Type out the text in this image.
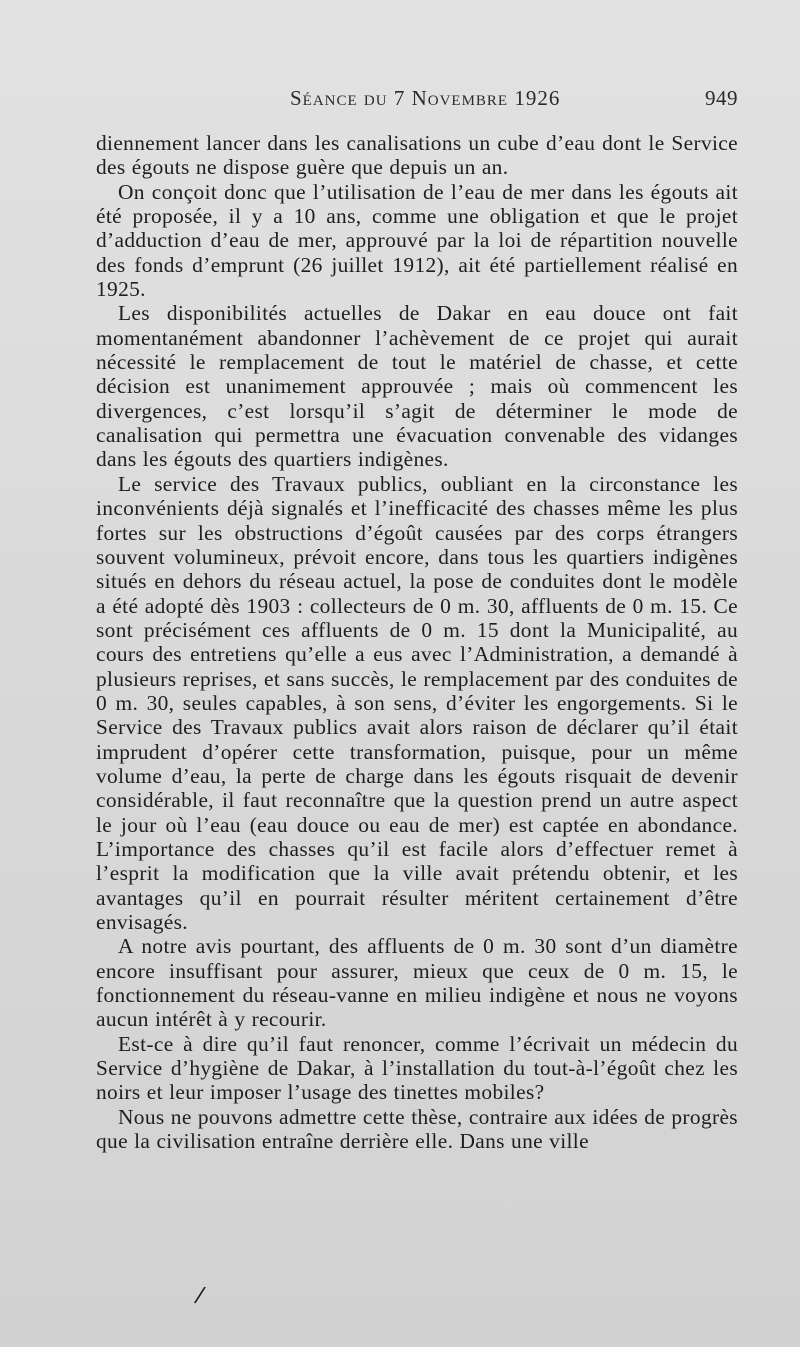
Séance du 7 Novembre 1926	949

diennement lancer dans les canalisations un cube d’eau dont le Service des égouts ne dispose guère que depuis un an.

On conçoit donc que l’utilisation de l’eau de mer dans les égouts ait été proposée, il y a 10 ans, comme une obligation et que le projet d’adduction d’eau de mer, approuvé par la loi de répartition nouvelle des fonds d’emprunt (26 juillet 1912), ait été partiellement réalisé en 1925.

Les disponibilités actuelles de Dakar en eau douce ont fait momentanément abandonner l’achèvement de ce projet qui aurait nécessité le remplacement de tout le matériel de chasse, et cette décision est unanimement approuvée ; mais où commencent les divergences, c’est lorsqu’il s’agit de déterminer le mode de canalisation qui permettra une évacuation convenable des vidanges dans les égouts des quartiers indigènes.

Le service des Travaux publics, oubliant en la circonstance les inconvénients déjà signalés et l’inefficacité des chasses même les plus fortes sur les obstructions d’égoût causées par des corps étrangers souvent volumineux, prévoit encore, dans tous les quartiers indigènes situés en dehors du réseau actuel, la pose de conduites dont le modèle a été adopté dès 1903 : collecteurs de 0 m. 30, affluents de 0 m. 15. Ce sont précisément ces affluents de 0 m. 15 dont la Municipalité, au cours des entretiens qu’elle a eus avec l’Administration, a demandé à plusieurs reprises, et sans succès, le remplacement par des conduites de 0 m. 30, seules capables, à son sens, d’éviter les engorgements. Si le Service des Travaux publics avait alors raison de déclarer qu’il était imprudent d’opérer cette transformation, puisque, pour un même volume d’eau, la perte de charge dans les égouts risquait de devenir considérable, il faut reconnaître que la question prend un autre aspect le jour où l’eau (eau douce ou eau de mer) est captée en abondance. L’importance des chasses qu’il est facile alors d’effectuer remet à l’esprit la modification que la ville avait prétendu obtenir, et les avantages qu’il en pourrait résulter méritent certainement d’être envisagés.

A notre avis pourtant, des affluents de 0 m. 30 sont d’un diamètre encore insuffisant pour assurer, mieux que ceux de 0 m. 15, le fonctionnement du réseau-vanne en milieu indigène et nous ne voyons aucun intérêt à y recourir.

Est-ce à dire qu’il faut renoncer, comme l’écrivait un médecin du Service d’hygiène de Dakar, à l’installation du tout-à-l’égoût chez les noirs et leur imposer l’usage des tinettes mobiles?

Nous ne pouvons admettre cette thèse, contraire aux idées de progrès que la civilisation entraîne derrière elle. Dans une ville

/
